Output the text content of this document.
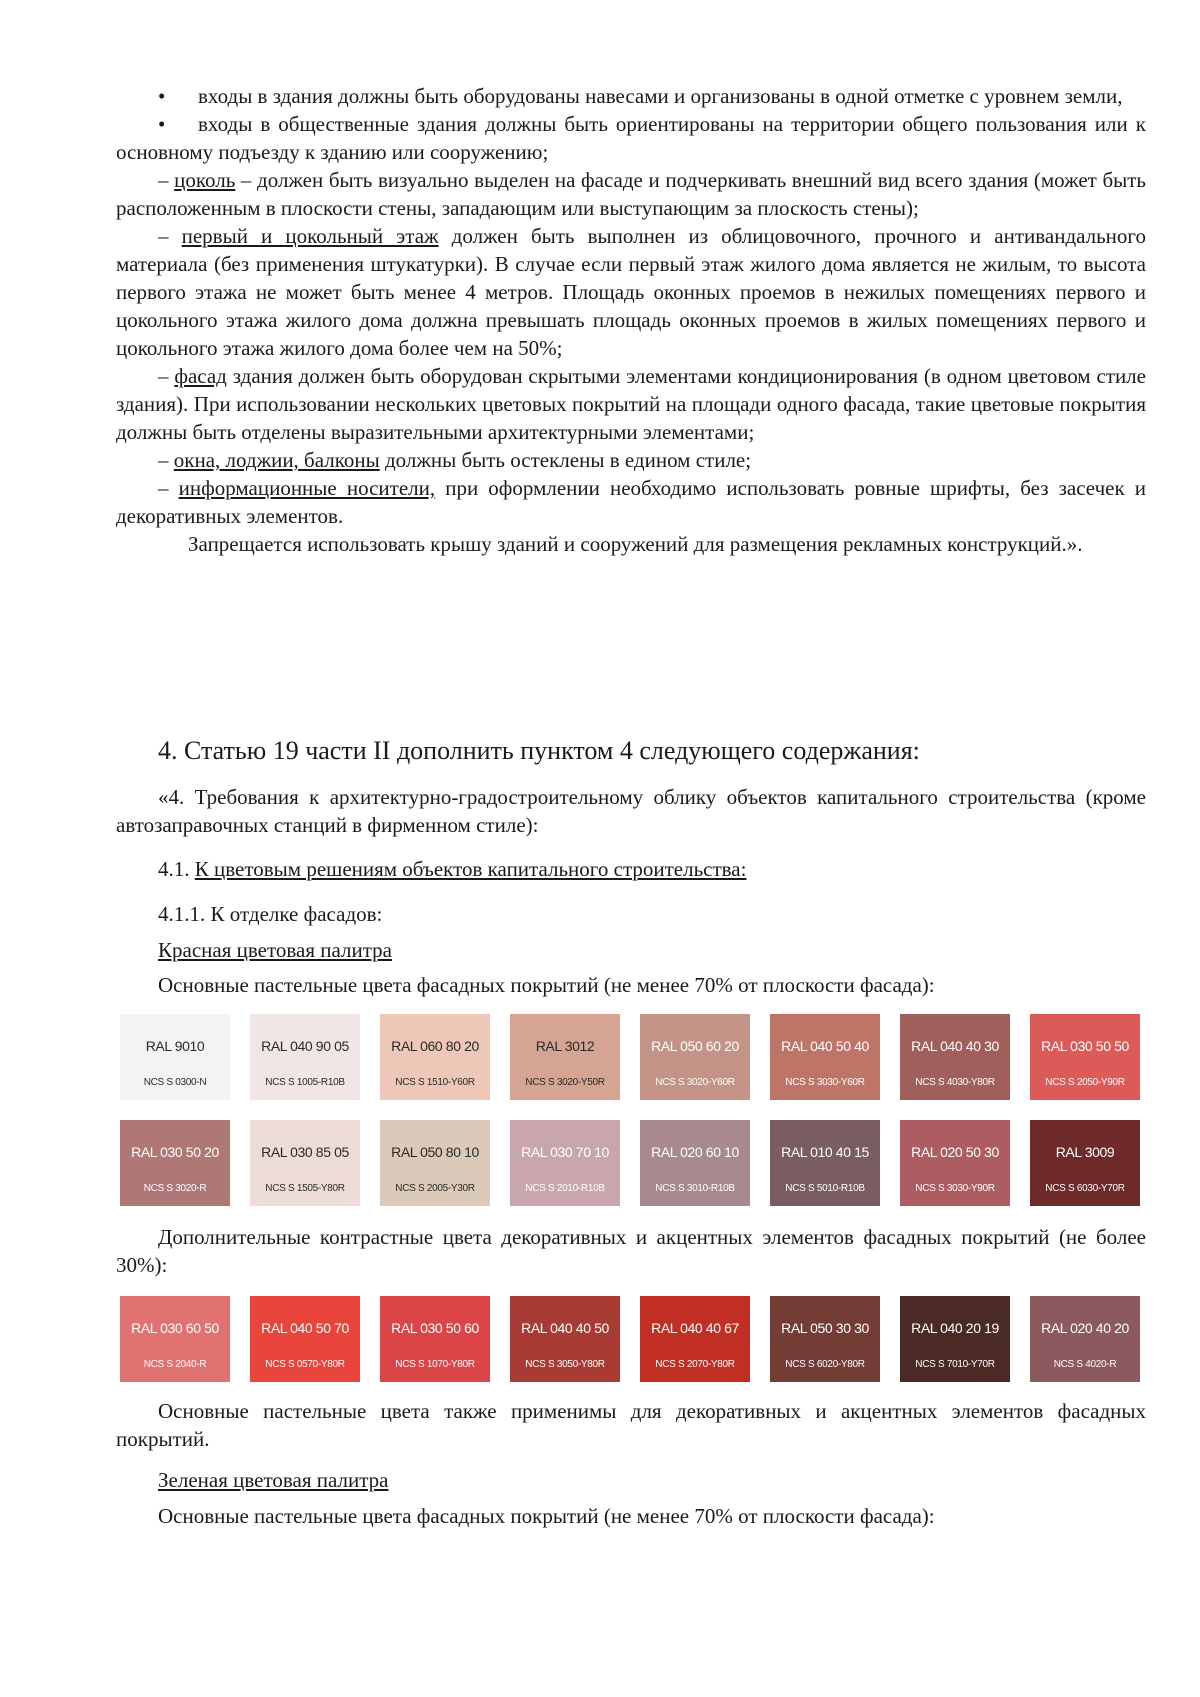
• входы в здания должны быть оборудованы навесами и организованы в одной отметке с уровнем земли,

• входы в общественные здания должны быть ориентированы на территории общего пользования или к основному подъезду к зданию или сооружению;

– цоколь – должен быть визуально выделен на фасаде и подчеркивать внешний вид всего здания (может быть расположенным в плоскости стены, западающим или выступающим за плоскость стены);

– первый и цокольный этаж должен быть выполнен из облицовочного, прочного и антивандального материала (без применения штукатурки). В случае если первый этаж жилого дома является не жилым, то высота первого этажа не может быть менее 4 метров. Площадь оконных проемов в нежилых помещениях первого и цокольного этажа жилого дома должна превышать площадь оконных проемов в жилых помещениях первого и цокольного этажа жилого дома более чем на 50%;

– фасад здания должен быть оборудован скрытыми элементами кондиционирования (в одном цветовом стиле здания). При использовании нескольких цветовых покрытий на площади одного фасада, такие цветовые покрытия должны быть отделены выразительными архитектурными элементами;

– окна, лоджии, балконы должны быть остеклены в едином стиле;

– информационные носители, при оформлении необходимо использовать ровные шрифты, без засечек и декоративных элементов.

Запрещается использовать крышу зданий и сооружений для размещения рекламных конструкций.».

4. Статью 19 части II дополнить пунктом 4 следующего содержания:

«4. Требования к архитектурно-градостроительному облику объектов капитального строительства (кроме автозаправочных станций в фирменном стиле):

4.1. К цветовым решениям объектов капитального строительства:
4.1.1. К отделке фасадов:
Красная цветовая палитра
Основные пастельные цвета фасадных покрытий (не менее 70% от плоскости фасада):
RAL 9010
NCS S 0300-N
RAL 040 90 05
NCS S 1005-R10B
RAL 060 80 20
NCS S 1510-Y60R
RAL 3012
NCS S 3020-Y50R
RAL 050 60 20
NCS S 3020-Y60R
RAL 040 50 40
NCS S 3030-Y60R
RAL 040 40 30
NCS S 4030-Y80R
RAL 030 50 50
NCS S 2050-Y90R
RAL 030 50 20
NCS S 3020-R
RAL 030 85 05
NCS S 1505-Y80R
RAL 050 80 10
NCS S 2005-Y30R
RAL 030 70 10
NCS S 2010-R10B
RAL 020 60 10
NCS S 3010-R10B
RAL 010 40 15
NCS S 5010-R10B
RAL 020 50 30
NCS S 3030-Y90R
RAL 3009
NCS S 6030-Y70R

Дополнительные контрастные цвета декоративных и акцентных элементов фасадных покрытий (не более 30%):

RAL 030 60 50
NCS S 2040-R
RAL 040 50 70
NCS S 0570-Y80R
RAL 030 50 60
NCS S 1070-Y80R
RAL 040 40 50
NCS S 3050-Y80R
RAL 040 40 67
NCS S 2070-Y80R
RAL 050 30 30
NCS S 6020-Y80R
RAL 040 20 19
NCS S 7010-Y70R
RAL 020 40 20
NCS S 4020-R

Основные пастельные цвета также применимы для декоративных и акцентных элементов фасадных покрытий.

Зеленая цветовая палитра
Основные пастельные цвета фасадных покрытий (не менее 70% от плоскости фасада):
